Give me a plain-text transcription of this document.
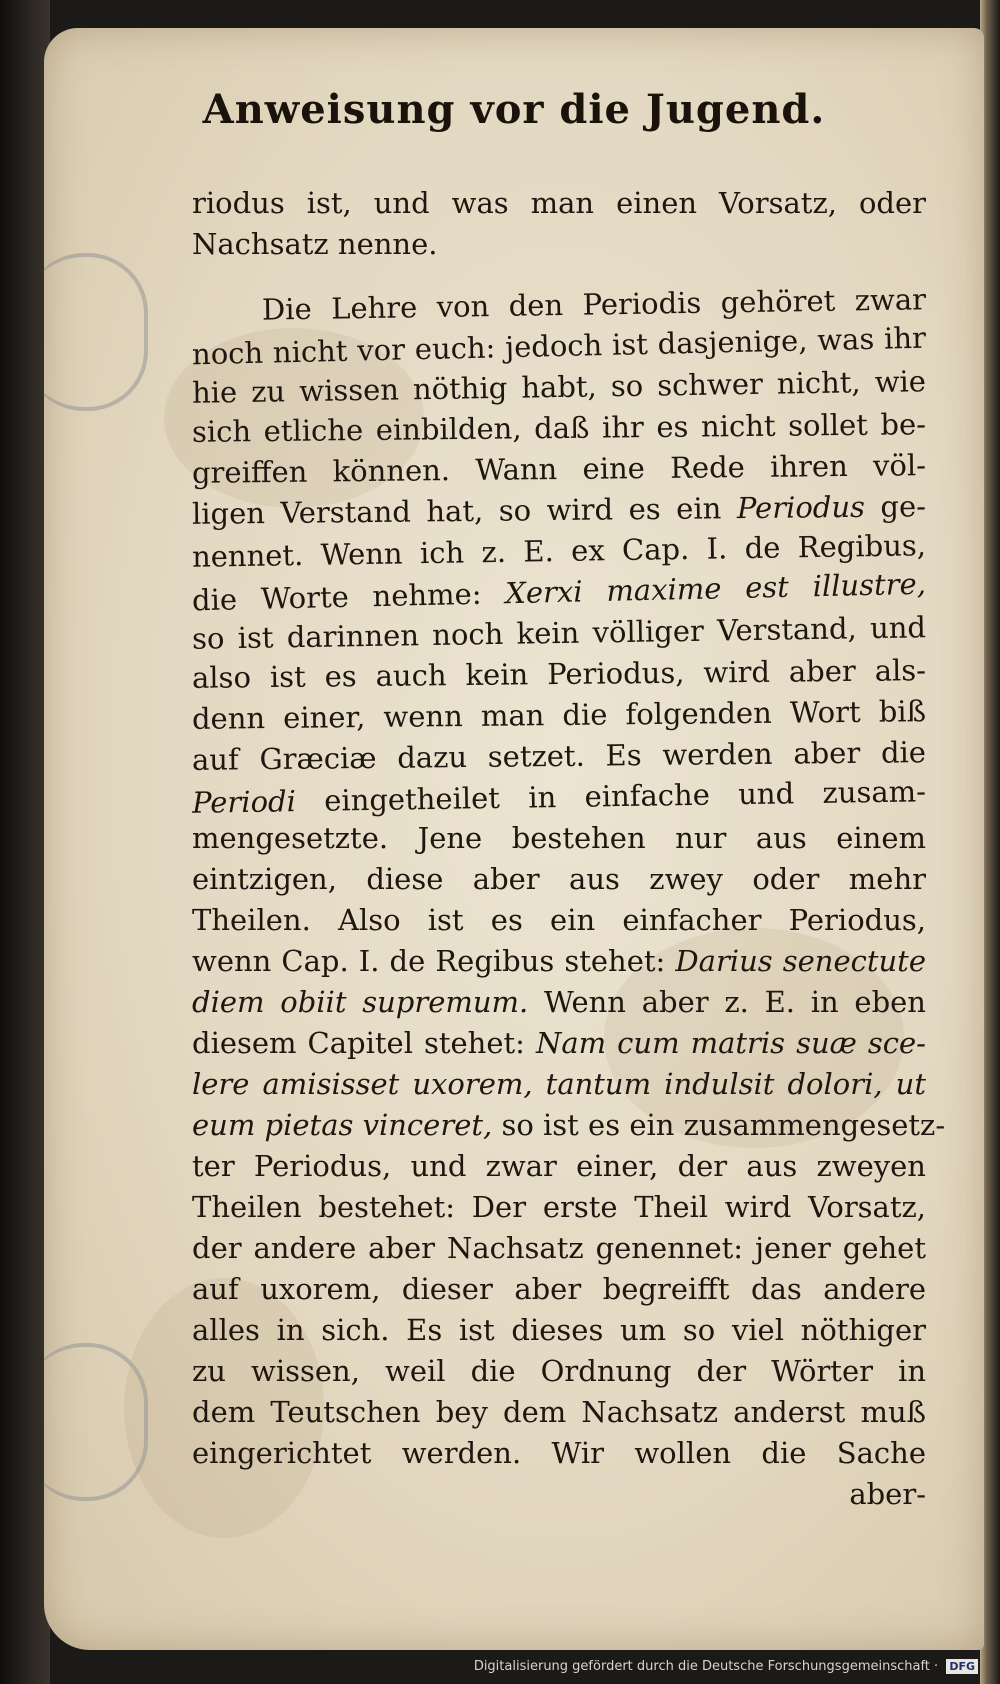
Anweisung vor die Jugend.
riodus ist, und was man einen Vorsatz, oder
Nachsatz nenne.
Die Lehre von den Periodis gehöret zwar
noch nicht vor euch: jedoch ist dasjenige, was ihr
hie zu wissen nöthig habt, so schwer nicht, wie
sich etliche einbilden, daß ihr es nicht sollet be-
greiffen können. Wann eine Rede ihren völ-
ligen Verstand hat, so wird es ein Periodus ge-
nennet. Wenn ich z. E. ex Cap. I. de Regibus,
die Worte nehme: Xerxi maxime est illustre,
so ist darinnen noch kein völliger Verstand, und
also ist es auch kein Periodus, wird aber als-
denn einer, wenn man die folgenden Wort biß
auf Græciæ dazu setzet. Es werden aber die
Periodi eingetheilet in einfache und zusam-
mengesetzte. Jene bestehen nur aus einem
eintzigen, diese aber aus zwey oder mehr
Theilen. Also ist es ein einfacher Periodus,
wenn Cap. I. de Regibus stehet: Darius senectute
diem obiit supremum. Wenn aber z. E. in eben
diesem Capitel stehet: Nam cum matris suæ sce-
lere amisisset uxorem, tantum indulsit dolori, ut
eum pietas vinceret, so ist es ein zusammengesetz-
ter Periodus, und zwar einer, der aus zweyen
Theilen bestehet: Der erste Theil wird Vorsatz,
der andere aber Nachsatz genennet: jener gehet
auf uxorem, dieser aber begreifft das andere
alles in sich. Es ist dieses um so viel nöthiger
zu wissen, weil die Ordnung der Wörter in
dem Teutschen bey dem Nachsatz anderst muß
eingerichtet werden. Wir wollen die Sache
aber-
Digitalisierung gefördert durch die Deutsche Forschungsgemeinschaft · DFG
